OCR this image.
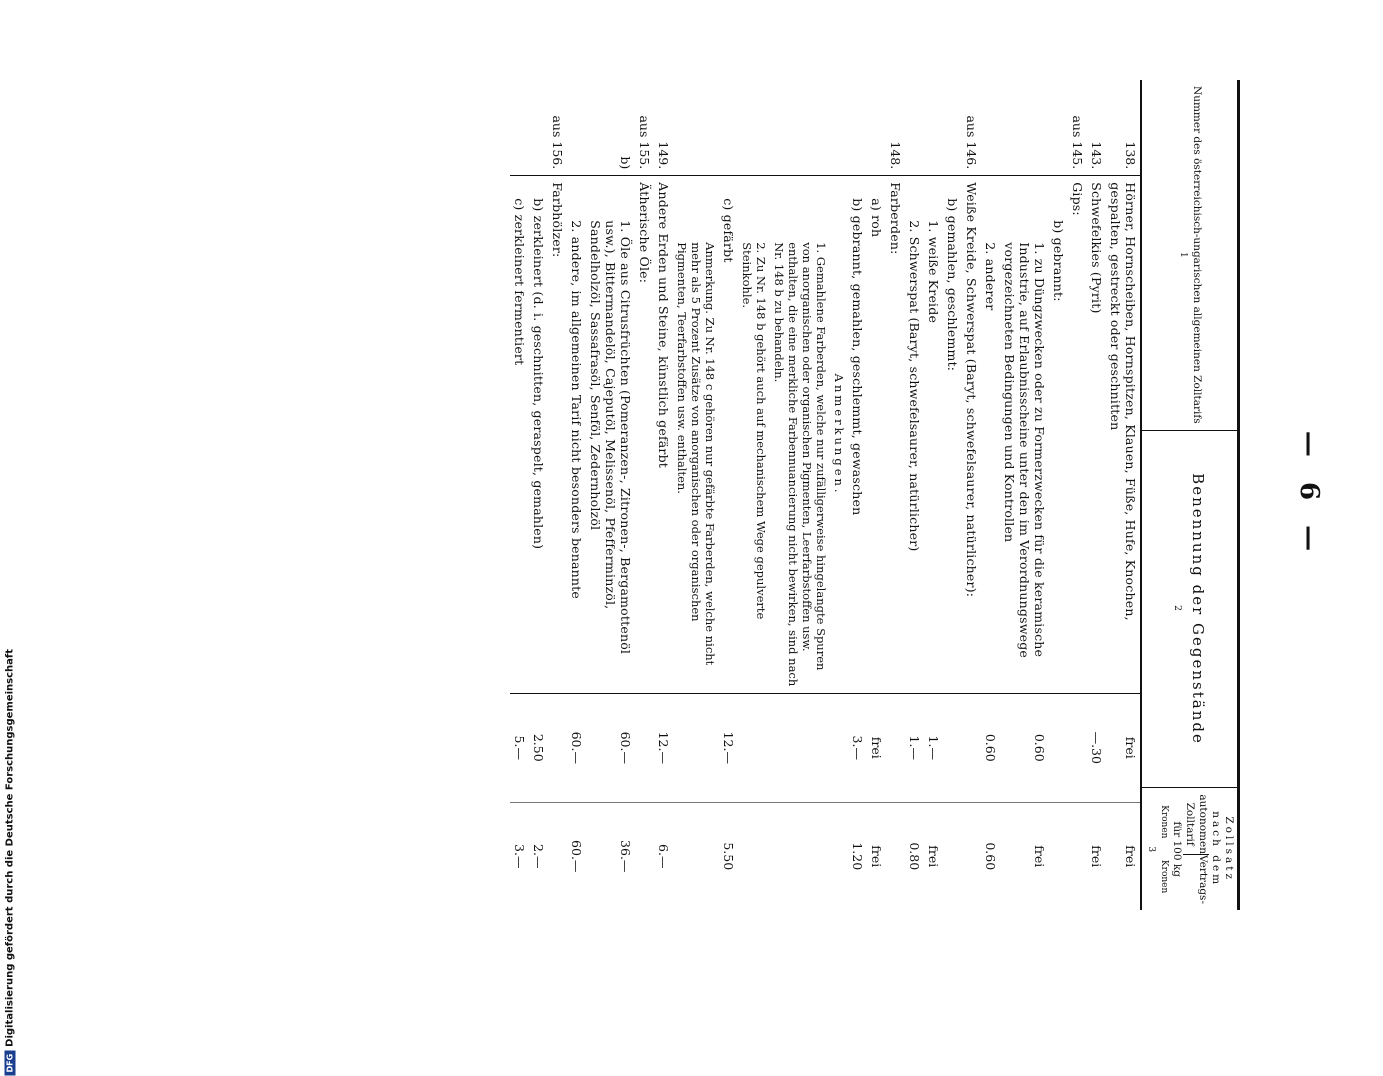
— 6 —
DFGDigitalisierung gefördert durch die Deutsche Forschungsgemeinschaft
Nummer des österreichisch-ungarischen allgemeinen Zolltarifs
1	Benennung der Gegenstände
2	
Zollsatz nach dem
autonomen Zolltarif
Vertrags-
für 100 kg
Kronen
Kronen
3
138.	Hörner, Hornscheiben, Hornspitzen, Klauen, Füße, Hufe, Knochen, gespalten, gestreckt oder geschnitten	frei	frei
143.	Schwefelkies (Pyrit)	—.30	frei
aus 145.	Gips:		
	b) gebrannt:		
	1. zu Düngzwecken oder zu Formerzwecken für die keramische Industrie, auf Erlaubnisscheine unter den im Verordnungswege vorgezeichneten Bedingungen und Kontrollen	0.60	frei
	2. anderer	0.60	0.60
aus 146.	Weiße Kreide, Schwerspat (Baryt, schwefelsaurer, natürlicher):		
	b) gemahlen, geschlemmt:		
	1. weiße Kreide	1.—	frei
	2. Schwerspat (Baryt, schwefelsaurer, natürlicher)	1.—	0.80
148.	Farberden:		
	a) roh	frei	frei
	b) gebrannt, gemahlen, geschlemmt, gewaschen	3.—	1.20
	Anmerkungen.		
	1. Gemahlene Farberden, welche nur zufälligerweise hingelangte Spuren von anorganischen oder organischen Pigmenten, Leerfarbstoffen usw. enthalten, die eine merkliche Farbennuancierung nicht bewirken, sind nach Nr. 148 b zu behandeln.		
	2. Zu Nr. 148 b gehört auch auf mechanischem Wege gepulverte Steinkohle.		
	c) gefärbt	12.—	5.50
	Anmerkung. Zu Nr. 148 c gehören nur gefärbte Farberden, welche nicht mehr als 5 Prozent Zusätze von anorganischen oder organischen Pigmenten, Teerfarbstoffen usw. enthalten.		
149.	Andere Erden und Steine, künstlich gefärbt	12.—	6.—
aus 155.	Ätherische Öle:		
b)	1. Öle aus Citrusfrüchten (Pomeranzen-, Zitronen-, Bergamottenöl usw.), Bittermandelöl, Cajeputöl, Melissenöl, Pfefferminzöl, Sandelholzöl, Sassafrasöl, Senföl, Zedernholzöl	60.—	36.—
	2. andere, im allgemeinen Tarif nicht besonders benannte	60.—	60.—
aus 156.	Farbhölzer:		
	b) zerkleinert (d. i. geschnitten, geraspelt, gemahlen)	2.50	2.—
	c) zerkleinert fermentiert	5.—	3.—
